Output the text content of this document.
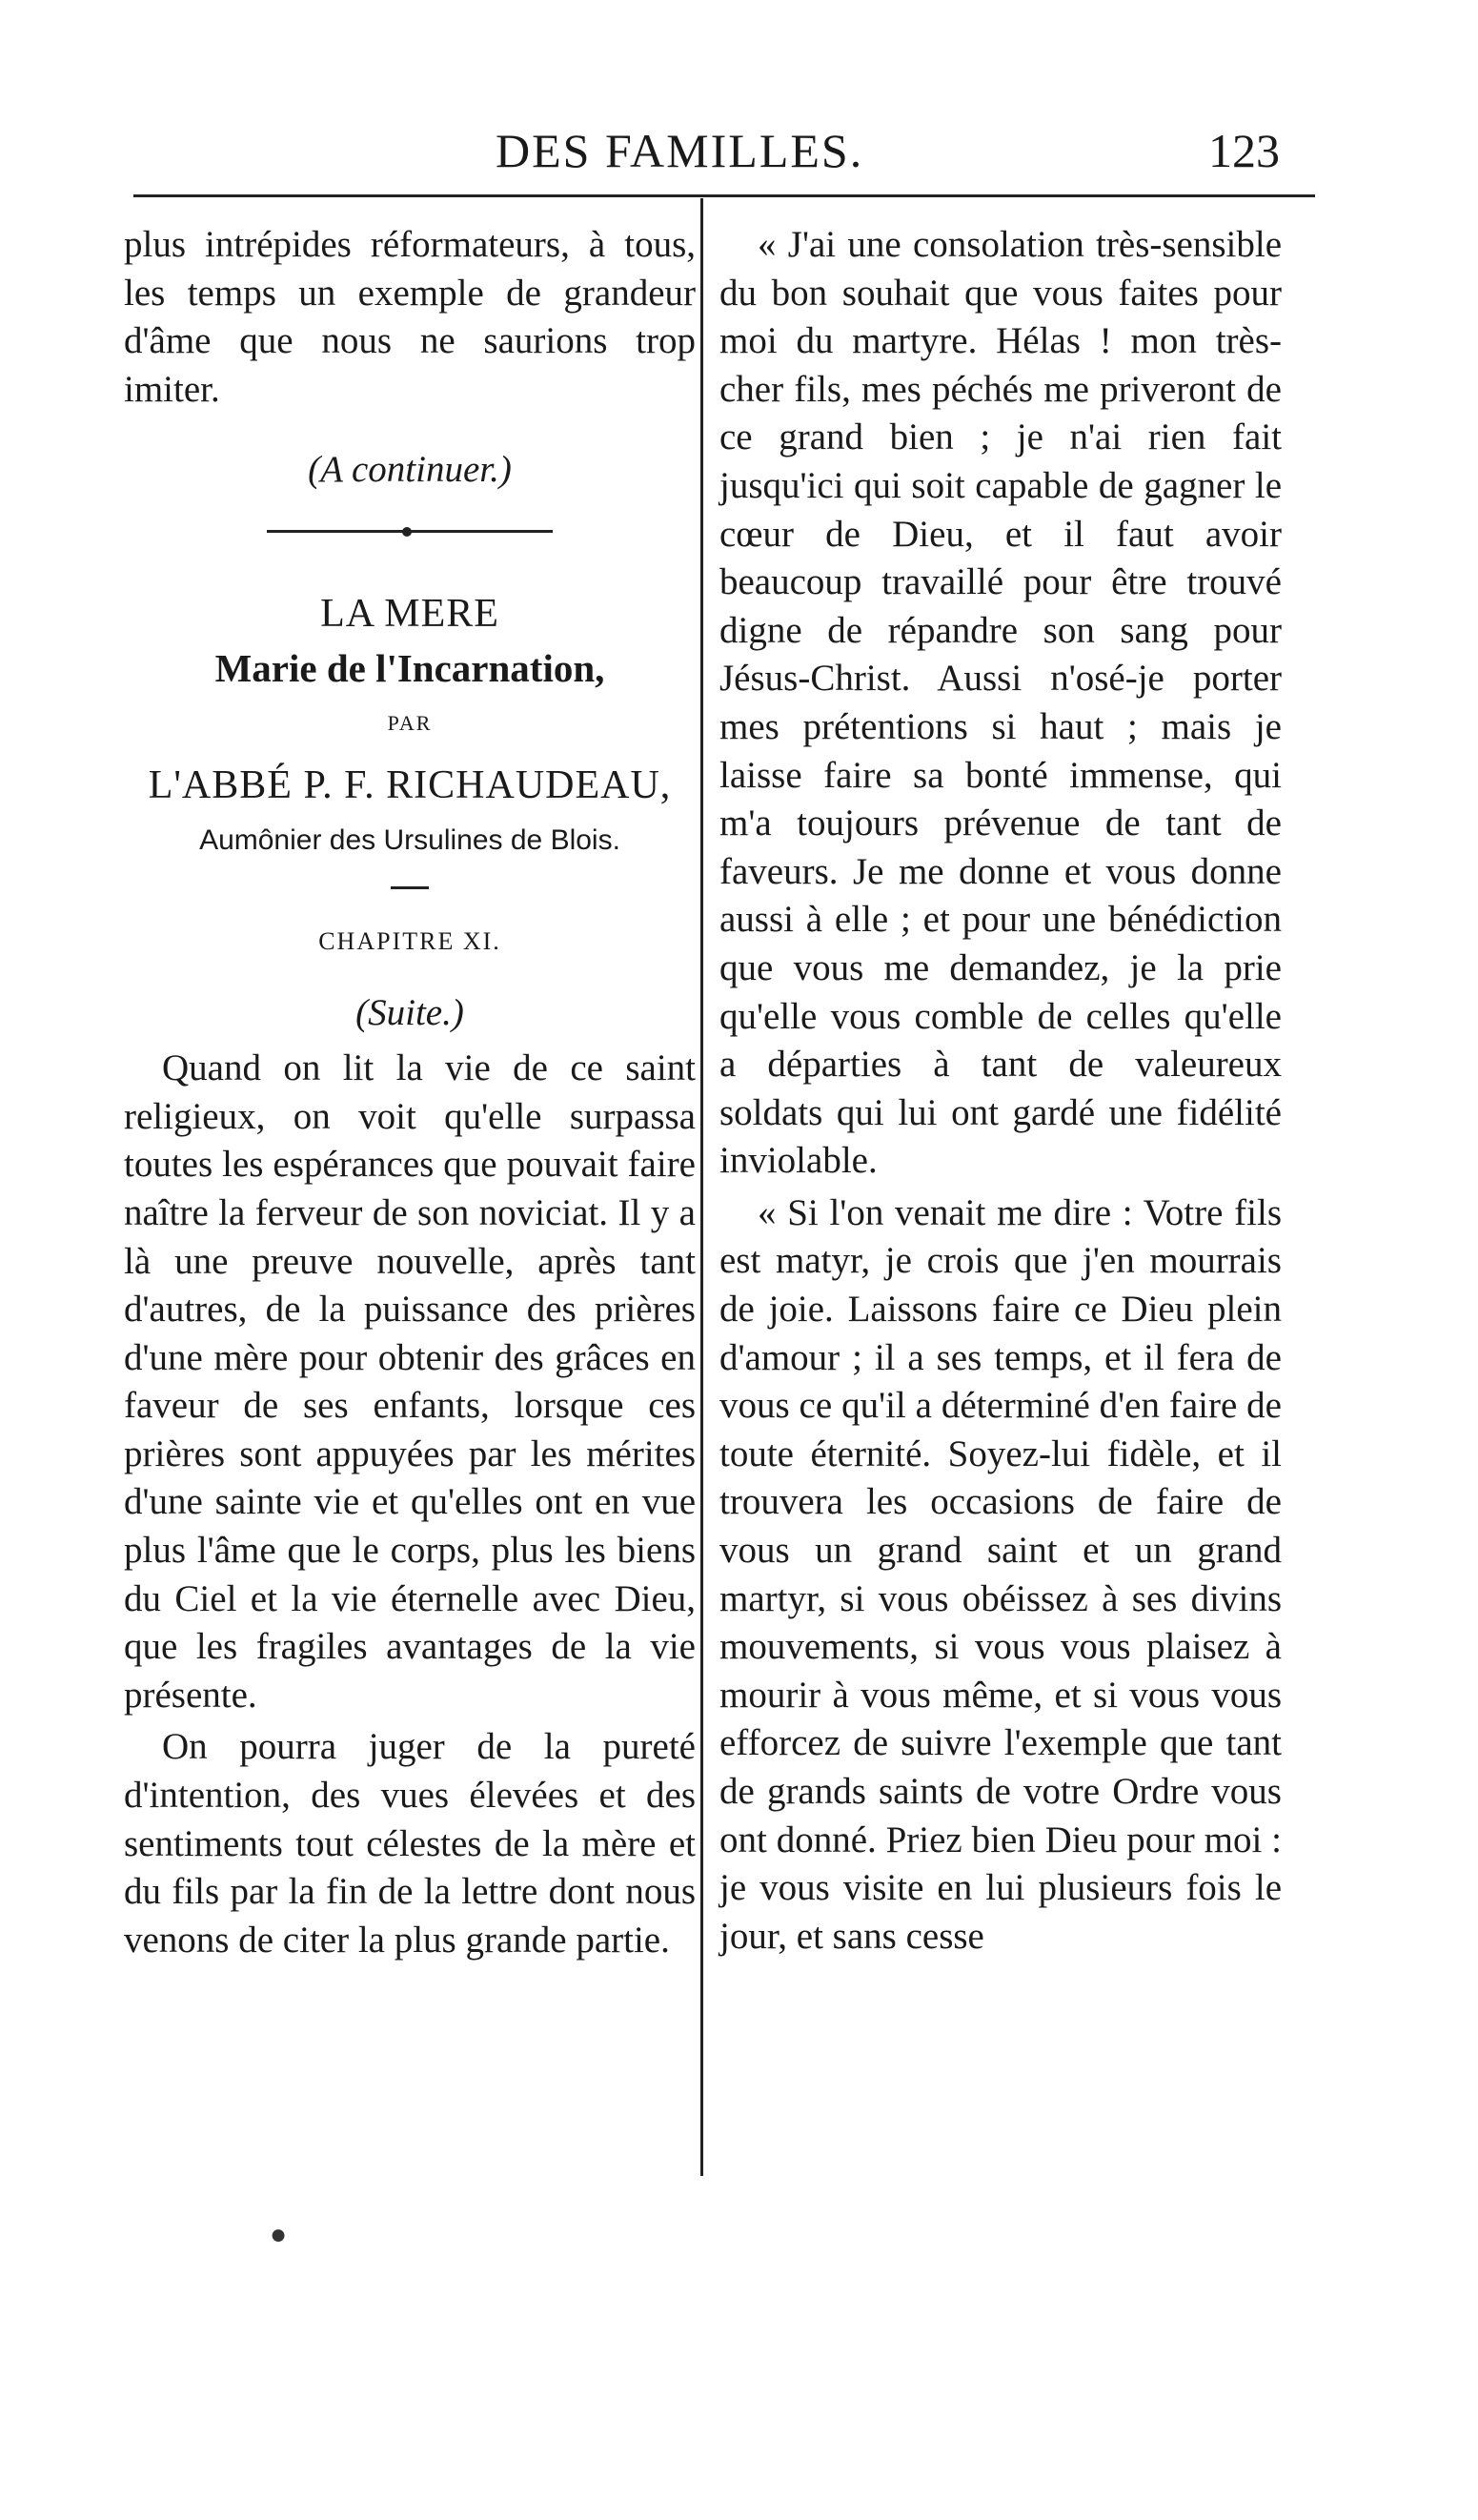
DES FAMILLES.	123

plus intrépides réformateurs, à tous, les temps un exemple de grandeur d'âme que nous ne saurions trop imiter.

(A continuer.)

LA MERE

Marie de l'Incarnation,

PAR

L'ABBÉ P. F. RICHAUDEAU,

Aumônier des Ursulines de Blois.

CHAPITRE XI.

(Suite.)

Quand on lit la vie de ce saint religieux, on voit qu'elle surpassa toutes les espérances que pouvait faire naître la ferveur de son noviciat. Il y a là une preuve nouvelle, après tant d'autres, de la puissance des prières d'une mère pour obtenir des grâces en faveur de ses enfants, lorsque ces prières sont appuyées par les mérites d'une sainte vie et qu'elles ont en vue plus l'âme que le corps, plus les biens du Ciel et la vie éternelle avec Dieu, que les fragiles avantages de la vie présente.

On pourra juger de la pureté d'intention, des vues élevées et des sentiments tout célestes de la mère et du fils par la fin de la lettre dont nous venons de citer la plus grande partie.

« J'ai une consolation très-sensible du bon souhait que vous faites pour moi du martyre. Hélas ! mon très-cher fils, mes péchés me priveront de ce grand bien ; je n'ai rien fait jusqu'ici qui soit capable de gagner le cœur de Dieu, et il faut avoir beaucoup travaillé pour être trouvé digne de répandre son sang pour Jésus-Christ. Aussi n'osé-je porter mes prétentions si haut ; mais je laisse faire sa bonté immense, qui m'a toujours prévenue de tant de faveurs. Je me donne et vous donne aussi à elle ; et pour une bénédiction que vous me demandez, je la prie qu'elle vous comble de celles qu'elle a départies à tant de valeureux soldats qui lui ont gardé une fidélité inviolable.

« Si l'on venait me dire : Votre fils est matyr, je crois que j'en mourrais de joie. Laissons faire ce Dieu plein d'amour ; il a ses temps, et il fera de vous ce qu'il a déterminé d'en faire de toute éternité. Soyez-lui fidèle, et il trouvera les occasions de faire de vous un grand saint et un grand martyr, si vous obéissez à ses divins mouvements, si vous vous plaisez à mourir à vous même, et si vous vous efforcez de suivre l'exemple que tant de grands saints de votre Ordre vous ont donné. Priez bien Dieu pour moi : je vous visite en lui plusieurs fois le jour, et sans cesse

●
